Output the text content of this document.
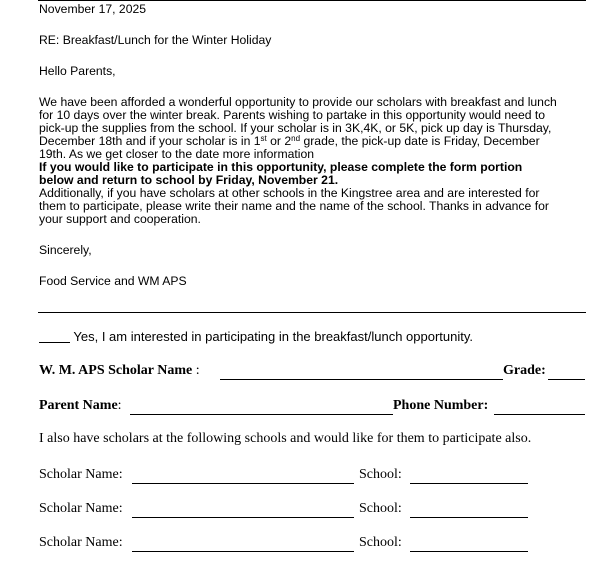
November 17, 2025
RE: Breakfast/Lunch for the Winter Holiday
Hello Parents,
We have been afforded a wonderful opportunity to provide our scholars with breakfast and lunch
for 10 days over the winter break. Parents wishing to partake in this opportunity would need to
pick-up the supplies from the school. If your scholar is in 3K,4K, or 5K, pick up day is Thursday,
December 18th and if your scholar is in 1st or 2nd grade, the pick-up date is Friday, December
19th. As we get closer to the date more information
If you would like to participate in this opportunity, please complete the form portion
below and return to school by Friday, November 21.
Additionally, if you have scholars at other schools in the Kingstree area and are interested for
them to participate, please write their name and the name of the school. Thanks in advance for
your support and cooperation.
Sincerely,
Food Service and WM APS
Yes, I am interested in participating in the breakfast/lunch opportunity.
W. M. APS Scholar Name :	Grade:
Parent Name:	Phone Number:
I also have scholars at the following schools and would like for them to participate also.
Scholar Name:	School:
Scholar Name:	School:
Scholar Name:	School:
